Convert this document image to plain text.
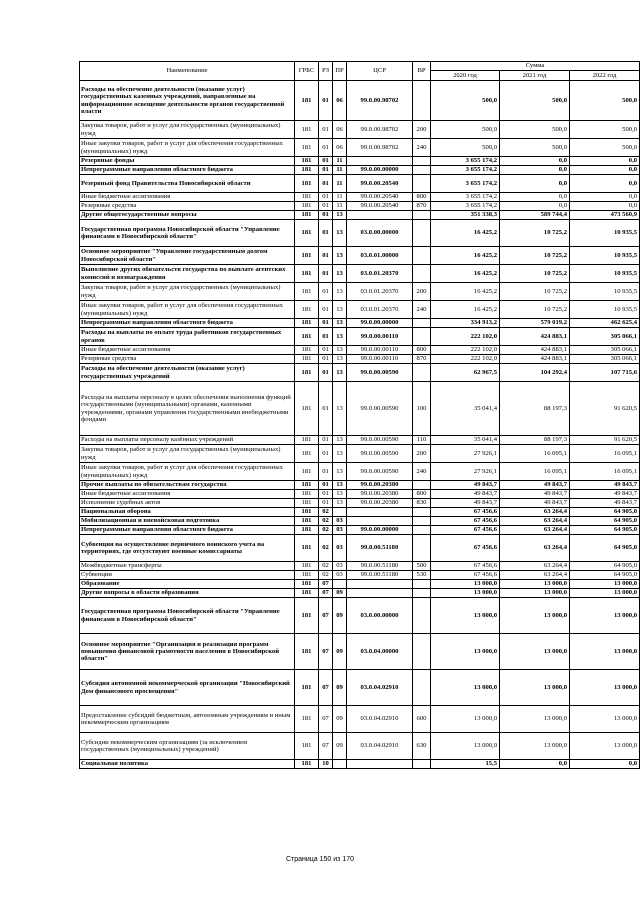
Наименование	ГРБС	РЗ	ПР	ЦСР	ВР	Сумма		
						2020 год	2021 год	2022 год
Расходы на обеспечение деятельности (оказание услуг) государственных казенных учреждений, направленные на информационное освещение деятельности органов государственной власти	181	01	06	99.0.00.98702		500,0	500,0	500,0
Закупка товаров, работ и услуг для государственных (муниципальных) нужд	181	01	06	99.0.00.98702	200	500,0	500,0	500,0
Иные закупки товаров, работ и услуг для обеспечения государственных (муниципальных) нужд	181	01	06	99.0.00.98702	240	500,0	500,0	500,0
Резервные фонды	181	01	11			3 655 174,2	0,0	0,0
Непрограммные направления областного бюджета	181	01	11	99.0.00.00000		3 655 174,2	0,0	0,0
Резервный фонд Правительства Новосибирской области	181	01	11	99.0.00.20540		3 655 174,2	0,0	0,0
Иные бюджетные ассигнования	181	01	11	99.0.00.20540	800	3 655 174,2	0,0	0,0
Резервные средства	181	01	11	99.0.00.20540	870	3 655 174,2	0,0	0,0
Другие общегосударственные вопросы	181	01	13			351 338,3	589 744,4	473 560,9
Государственная программа Новосибирской области "Управление финансами в Новосибирской области"	181	01	13	03.0.00.00000		16 425,2	10 725,2	10 935,5
Основное мероприятие "Управление государственным долгом Новосибирской области"	181	01	13	03.0.01.00000		16 425,2	10 725,2	10 935,5
Выполнение других обязательств государства по выплате агентских комиссий и вознаграждения	181	01	13	03.0.01.20370		16 425,2	10 725,2	10 935,5
Закупка товаров, работ и услуг для государственных (муниципальных) нужд	181	01	13	03.0.01.20370	200	16 425,2	10 725,2	10 935,5
Иные закупки товаров, работ и услуг для обеспечения государственных (муниципальных) нужд	181	01	13	03.0.01.20370	240	16 425,2	10 725,2	10 935,5
Непрограммные направления областного бюджета	181	01	13	99.0.00.00000		334 913,2	579 019,2	462 625,4
Расходы на выплаты по оплате труда работников государственных органов	181	01	13	99.0.00.00110		222 102,0	424 883,1	305 066,1
Иные бюджетные ассигнования	181	01	13	99.0.00.00110	800	222 102,0	424 883,1	305 066,1
Резервные средства	181	01	13	99.0.00.00110	870	222 102,0	424 883,1	305 066,1
Расходы на обеспечение деятельности (оказание услуг) государственных учреждений	181	01	13	99.0.00.00590		62 967,5	104 292,4	107 715,6
Расходы на выплаты персоналу в целях обеспечения выполнения функций государственными (муниципальными) органами, казенными учреждениями, органами управления государственными внебюджетными фондами	181	01	13	99.0.00.00590	100	35 041,4	88 197,3	91 620,5
Расходы на выплаты персоналу казённых учреждений	181	01	13	99.0.00.00590	110	35 041,4	88 197,3	91 620,5
Закупка товаров, работ и услуг для государственных (муниципальных) нужд	181	01	13	99.0.00.00590	200	27 926,1	16 095,1	16 095,1
Иные закупки товаров, работ и услуг для обеспечения государственных (муниципальных) нужд	181	01	13	99.0.00.00590	240	27 926,1	16 095,1	16 095,1
Прочие выплаты по обязательствам государства	181	01	13	99.0.00.20380		49 843,7	49 843,7	49 843,7
Иные бюджетные ассигнования	181	01	13	99.0.00.20380	800	49 843,7	49 843,7	49 843,7
Исполнение судебных актов	181	01	13	99.0.00.20380	830	49 843,7	49 843,7	49 843,7
Национальная оборона	181	02				67 456,6	63 264,4	64 905,0
Мобилизационная и вневойсковая подготовка	181	02	03			67 456,6	63 264,4	64 905,0
Непрограммные направления областного бюджета	181	02	03	99.0.00.00000		67 456,6	63 264,4	64 905,0
Субвенция на осуществление первичного воинского учета на территориях, где отсутствуют военные комиссариаты	181	02	03	99.0.00.51180		67 456,6	63 264,4	64 905,0
Межбюджетные трансферты	181	02	03	99.0.00.51180	500	67 456,6	63 264,4	64 905,0
Субвенции	181	02	03	99.0.00.51180	530	67 456,6	63 264,4	64 905,0
Образование	181	07				13 000,0	13 000,0	13 000,0
Другие вопросы в области образования	181	07	09			13 000,0	13 000,0	13 000,0
Государственная программа Новосибирской области "Управление финансами в Новосибирской области"	181	07	09	03.0.00.00000		13 000,0	13 000,0	13 000,0
Основное мероприятие "Организация и реализация программ повышения финансовой грамотности населения в Новосибирской области"	181	07	09	03.0.04.00000		13 000,0	13 000,0	13 000,0
Субсидия автономной некоммерческой организации "Новосибирский Дом финансового просвещения"	181	07	09	03.0.04.02910		13 000,0	13 000,0	13 000,0
Предоставление субсидий бюджетным, автономным учреждениям и иным некоммерческим организациям	181	07	09	03.0.04.02910	600	13 000,0	13 000,0	13 000,0
Субсидии некоммерческим организациям (за исключением государственных (муниципальных) учреждений)	181	07	09	03.0.04.02910	630	13 000,0	13 000,0	13 000,0
Социальная политика	181	10				15,5	0,0	0,0
Страница 150 из 170
